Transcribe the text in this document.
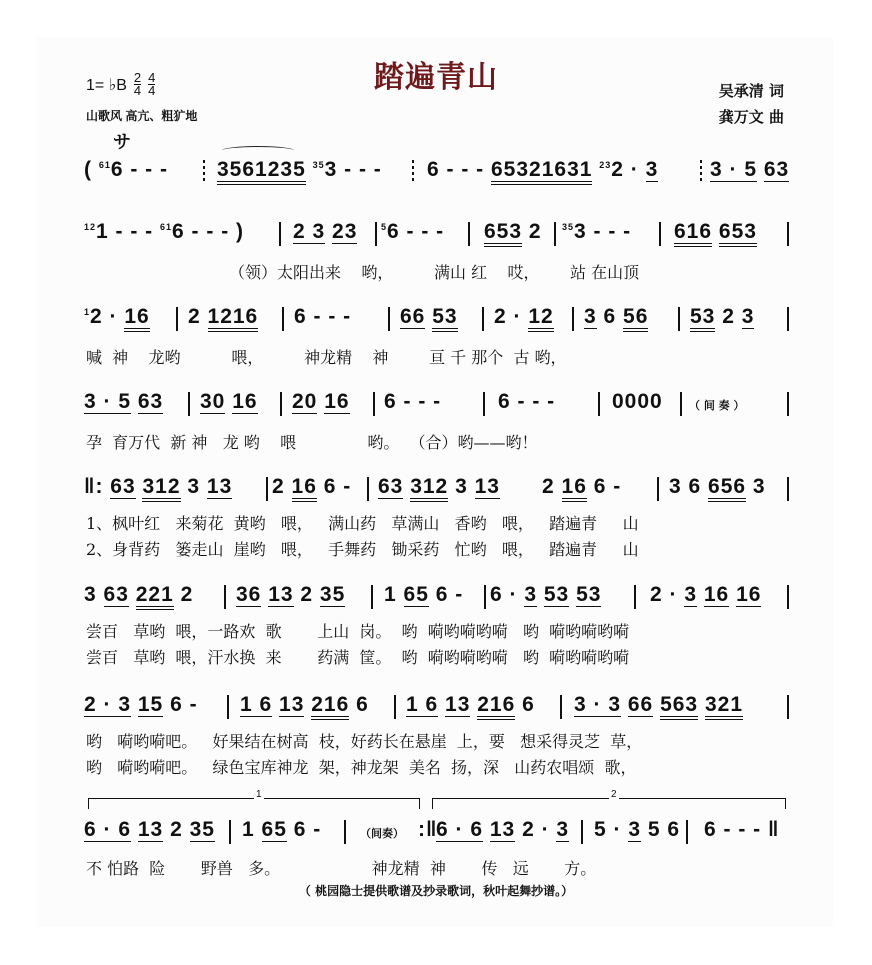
踏遍青山
1= ♭B $\frac{2}{4} \frac{4}{4}$
山歌风 高亢、粗犷地
吴承清 词
龚万文 曲
サ
( $^{61}$6 - - - 3561235 $^{35}$3 - - - 6 - - - 65321631 $^{23}$2 · 3 3 · 5 63
$^{12}$1 - - - $^{61}$6 - - - ) 2 3 23	$^5$6 - - - 653 2 $^{35}$3 - - - 616 653
（领）太阳出来    哟，        满山 红    哎，      站 在山顶
$^1$2 · 16 2 1216 6 - - - 66 53 2 · 12 3 6 56 53 2 3
喊  神    龙哟          喂，        神龙精    神        亘 千 那个  古 哟，
3 · 5 63 30 16 20 16 6 - - -	6 - - -	0000 （ 间 奏 ）
孕  育万代  新 神   龙 哟    喂              哟。  （合）哟——哟！
‖: 63 312 3 13 2 16 6 - 63 312 3 13 2 16 6 - 3 6 656 3
1、枫叶红   来菊花  黄哟   喂，   满山药   草满山   香哟   喂，   踏遍青     山
2、身背药   篓走山  崖哟   喂，   手舞药   锄采药   忙哟   喂，   踏遍青     山
3 63 221 2 36 13 2 35 1 65 6 - 6 · 3 53 53 2 · 3 16 16
尝百   草哟  喂，一路欢  歌       上山  岗。  哟  嗬哟嗬哟嗬   哟  嗬哟嗬哟嗬
尝百   草哟  喂，汗水换  来       药满  筐。  哟  嗬哟嗬哟嗬   哟  嗬哟嗬哟嗬
2 · 3 15 6 - 1 6 13 216 6 1 6 13 216 6 3 · 3 66 563 321
哟   嗬哟嗬吧。   好果结在树高  枝，好药长在悬崖  上，要   想采得灵芝  草，
哟   嗬哟嗬吧。   绿色宝库神龙  架，神龙架  美名  扬，深   山药农唱颂  歌，
1	2
6 · 6 13 2 35 1 65 6 -	（间奏） :‖
6 · 6 13 2 · 3 5 · 3 5 6 6 - - - ‖
不 怕路  险       野兽   多。                  神龙精  神       传   远       方。
（ 桃园隐士提供歌谱及抄录歌词，秋叶起舞抄谱。）
